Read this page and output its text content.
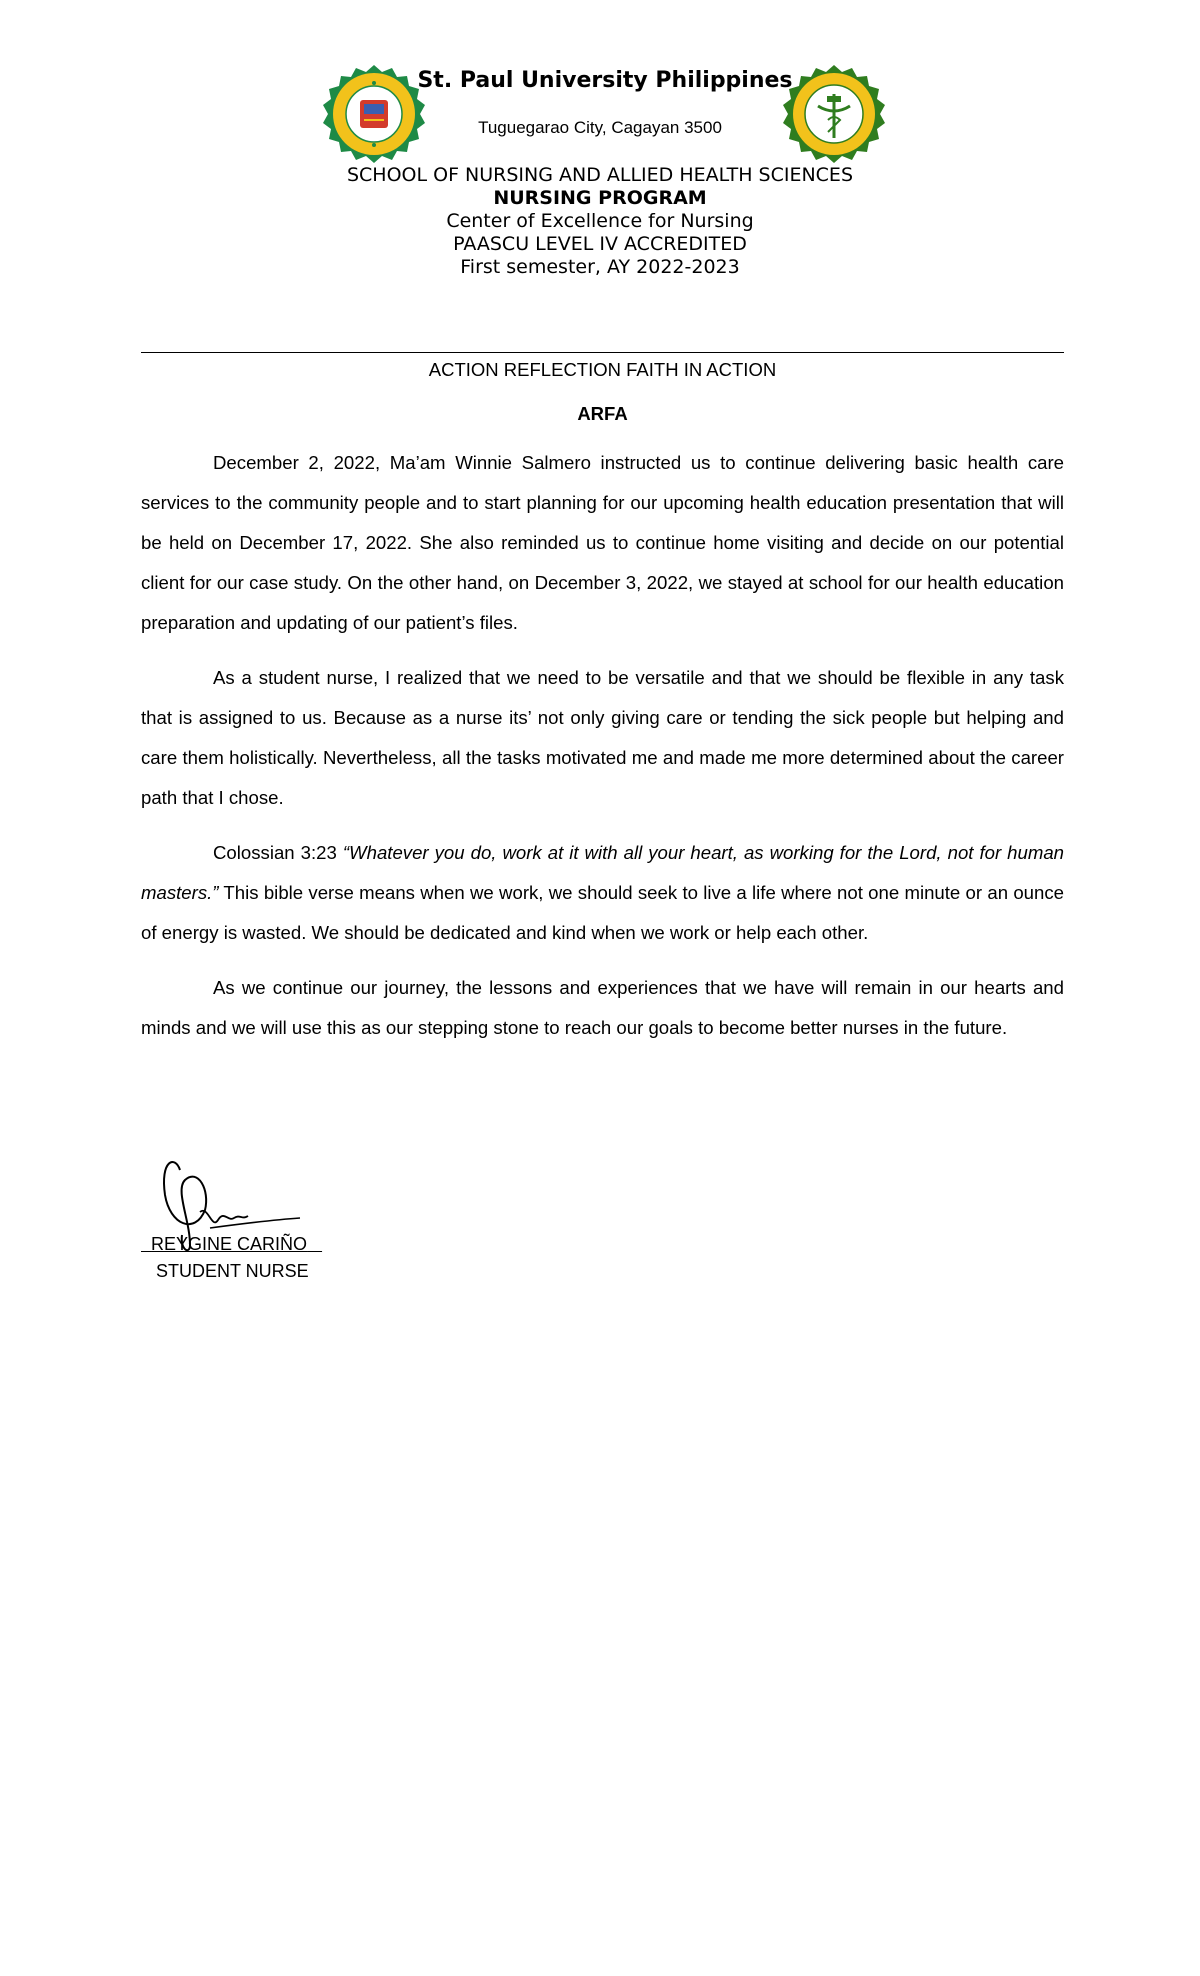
St. Paul University Philippines
Tuguegarao City, Cagayan 3500
SCHOOL OF NURSING AND ALLIED HEALTH SCIENCES
NURSING PROGRAM
Center of Excellence for Nursing
PAASCU LEVEL IV ACCREDITED
First semester, AY 2022-2023
ACTION REFLECTION FAITH IN ACTION
ARFA

December 2, 2022, Ma’am Winnie Salmero instructed us to continue delivering basic health care services to the community people and to start planning for our upcoming health education presentation that will be held on December 17, 2022. She also reminded us to continue home visiting and decide on our potential client for our case study. On the other hand, on December 3, 2022, we stayed at school for our health education preparation and updating of our patient’s files.

As a student nurse, I realized that we need to be versatile and that we should be flexible in any task that is assigned to us. Because as a nurse its’ not only giving care or tending the sick people but helping and care them holistically. Nevertheless, all the tasks motivated me and made me more determined about the career path that I chose.

Colossian 3:23 “Whatever you do, work at it with all your heart, as working for the Lord, not for human masters.” This bible verse means when we work, we should seek to live a life where not one minute or an ounce of energy is wasted. We should be dedicated and kind when we work or help each other.

As we continue our journey, the lessons and experiences that we have will remain in our hearts and minds and we will use this as our stepping stone to reach our goals to become better nurses in the future.

REYGINE CARIÑO
STUDENT NURSE
